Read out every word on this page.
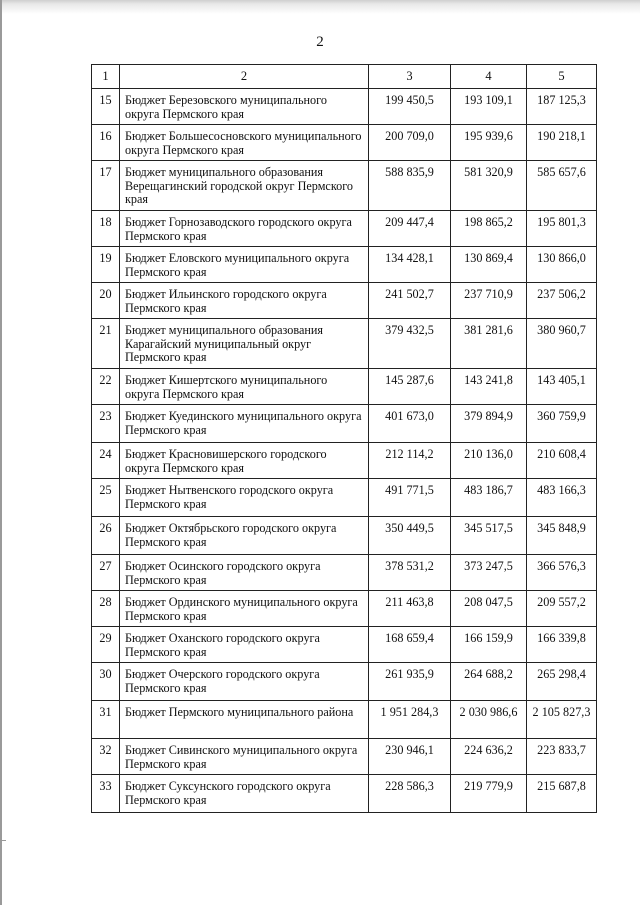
2
1	2	3	4	5
15	Бюджет Березовского муниципального округа Пермского края	199 450,5	193 109,1	187 125,3
16	Бюджет Большесосновского муниципального округа Пермского края	200 709,0	195 939,6	190 218,1
17	Бюджет муниципального образования Верещагинский городской округ Пермского края	588 835,9	581 320,9	585 657,6
18	Бюджет Горнозаводского городского округа Пермского края	209 447,4	198 865,2	195 801,3
19	Бюджет Еловского муниципального округа Пермского края	134 428,1	130 869,4	130 866,0
20	Бюджет Ильинского городского округа Пермского края	241 502,7	237 710,9	237 506,2
21	Бюджет муниципального образования Карагайский муниципальный округ Пермского края	379 432,5	381 281,6	380 960,7
22	Бюджет Кишертского муниципального округа Пермского края	145 287,6	143 241,8	143 405,1
23	Бюджет Куединского муниципального округа Пермского края	401 673,0	379 894,9	360 759,9
24	Бюджет Красновишерского городского округа Пермского края	212 114,2	210 136,0	210 608,4
25	Бюджет Нытвенского городского округа Пермского края	491 771,5	483 186,7	483 166,3
26	Бюджет Октябрьского городского округа Пермского края	350 449,5	345 517,5	345 848,9
27	Бюджет Осинского городского округа Пермского края	378 531,2	373 247,5	366 576,3
28	Бюджет Ординского муниципального округа Пермского края	211 463,8	208 047,5	209 557,2
29	Бюджет Оханского городского округа Пермского края	168 659,4	166 159,9	166 339,8
30	Бюджет Очерского городского округа Пермского края	261 935,9	264 688,2	265 298,4
31	Бюджет Пермского муниципального района	1 951 284,3	2 030 986,6	2 105 827,3
32	Бюджет Сивинского муниципального округа Пермского края	230 946,1	224 636,2	223 833,7
33	Бюджет Суксунского городского округа Пермского края	228 586,3	219 779,9	215 687,8
